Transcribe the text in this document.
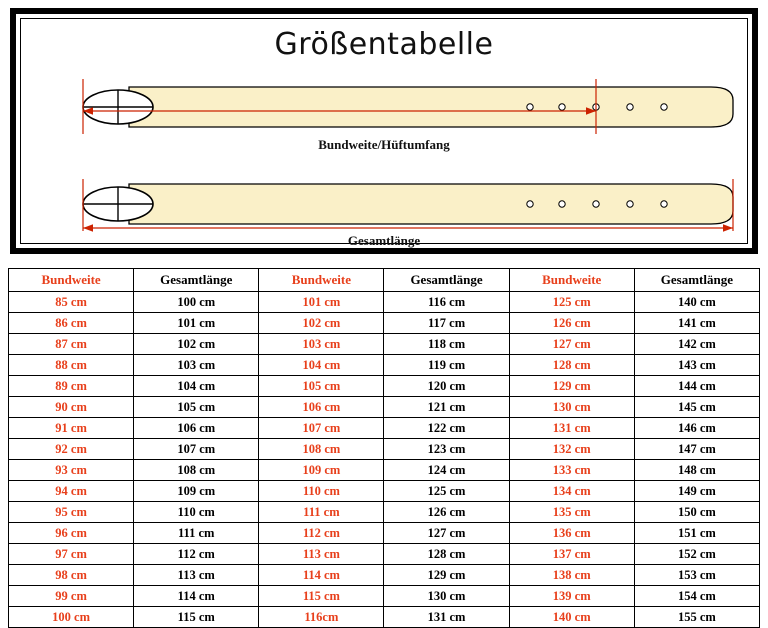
Größentabelle
Bundweite/Hüftumfang
Gesamtlänge
Bundweite	Gesamtlänge	Bundweite	Gesamtlänge	Bundweite	Gesamtlänge
85 cm	100 cm	101 cm	116 cm	125 cm	140 cm
86 cm	101 cm	102 cm	117 cm	126 cm	141 cm
87 cm	102 cm	103 cm	118 cm	127 cm	142 cm
88 cm	103 cm	104 cm	119 cm	128 cm	143 cm
89 cm	104 cm	105 cm	120 cm	129 cm	144 cm
90 cm	105 cm	106 cm	121 cm	130 cm	145 cm
91 cm	106 cm	107 cm	122 cm	131 cm	146 cm
92 cm	107 cm	108 cm	123 cm	132 cm	147 cm
93 cm	108 cm	109 cm	124 cm	133 cm	148 cm
94 cm	109 cm	110 cm	125 cm	134 cm	149 cm
95 cm	110 cm	111 cm	126 cm	135 cm	150 cm
96 cm	111 cm	112 cm	127 cm	136 cm	151 cm
97 cm	112 cm	113 cm	128 cm	137 cm	152 cm
98 cm	113 cm	114 cm	129 cm	138 cm	153 cm
99 cm	114 cm	115 cm	130 cm	139 cm	154 cm
100 cm	115 cm	116cm	131 cm	140 cm	155 cm
